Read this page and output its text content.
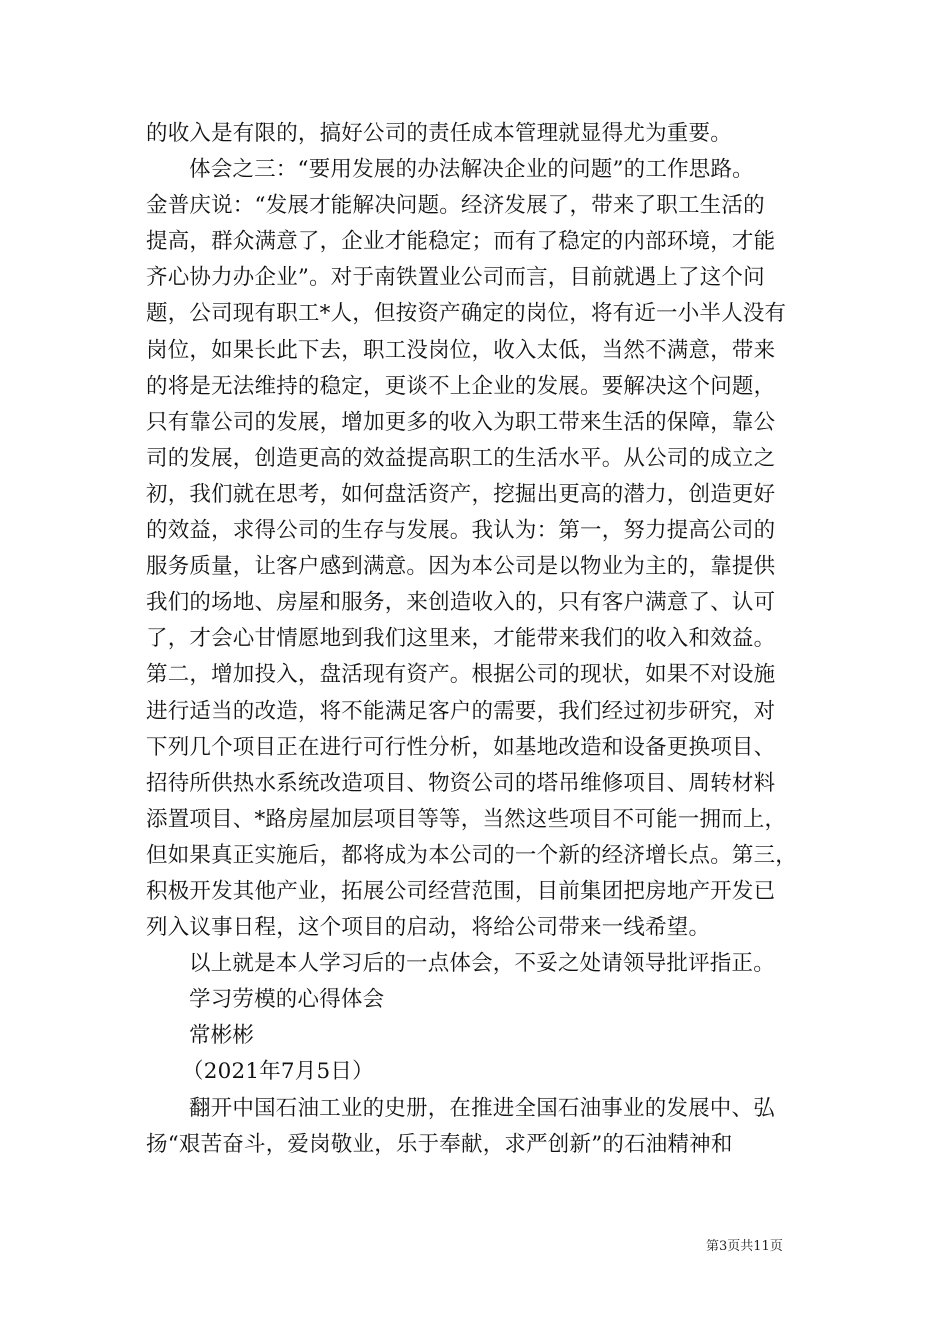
的收入是有限的，搞好公司的责任成本管理就显得尤为重要。
体会之三：“要用发展的办法解决企业的问题”的工作思路。
金普庆说：“发展才能解决问题。经济发展了，带来了职工生活的
提高，群众满意了，企业才能稳定；而有了稳定的内部环境，才能
齐心协力办企业”。对于南铁置业公司而言，目前就遇上了这个问
题，公司现有职工*人，但按资产确定的岗位，将有近一小半人没有
岗位，如果长此下去，职工没岗位，收入太低，当然不满意，带来
的将是无法维持的稳定，更谈不上企业的发展。要解决这个问题，
只有靠公司的发展，增加更多的收入为职工带来生活的保障，靠公
司的发展，创造更高的效益提高职工的生活水平。从公司的成立之
初，我们就在思考，如何盘活资产，挖掘出更高的潜力，创造更好
的效益，求得公司的生存与发展。我认为：第一，努力提高公司的
服务质量，让客户感到满意。因为本公司是以物业为主的，靠提供
我们的场地、房屋和服务，来创造收入的，只有客户满意了、认可
了，才会心甘情愿地到我们这里来，才能带来我们的收入和效益。
第二，增加投入，盘活现有资产。根据公司的现状，如果不对设施
进行适当的改造，将不能满足客户的需要，我们经过初步研究，对
下列几个项目正在进行可行性分析，如基地改造和设备更换项目、
招待所供热水系统改造项目、物资公司的塔吊维修项目、周转材料
添置项目、*路房屋加层项目等等，当然这些项目不可能一拥而上，
但如果真正实施后，都将成为本公司的一个新的经济增长点。第三，
积极开发其他产业，拓展公司经营范围，目前集团把房地产开发已
列入议事日程，这个项目的启动，将给公司带来一线希望。
以上就是本人学习后的一点体会，不妥之处请领导批评指正。
学习劳模的心得体会
常彬彬
（2021年7月5日）
翻开中国石油工业的史册，在推进全国石油事业的发展中、弘
扬“艰苦奋斗，爱岗敬业，乐于奉献，求严创新”的石油精神和
第3页共11页
